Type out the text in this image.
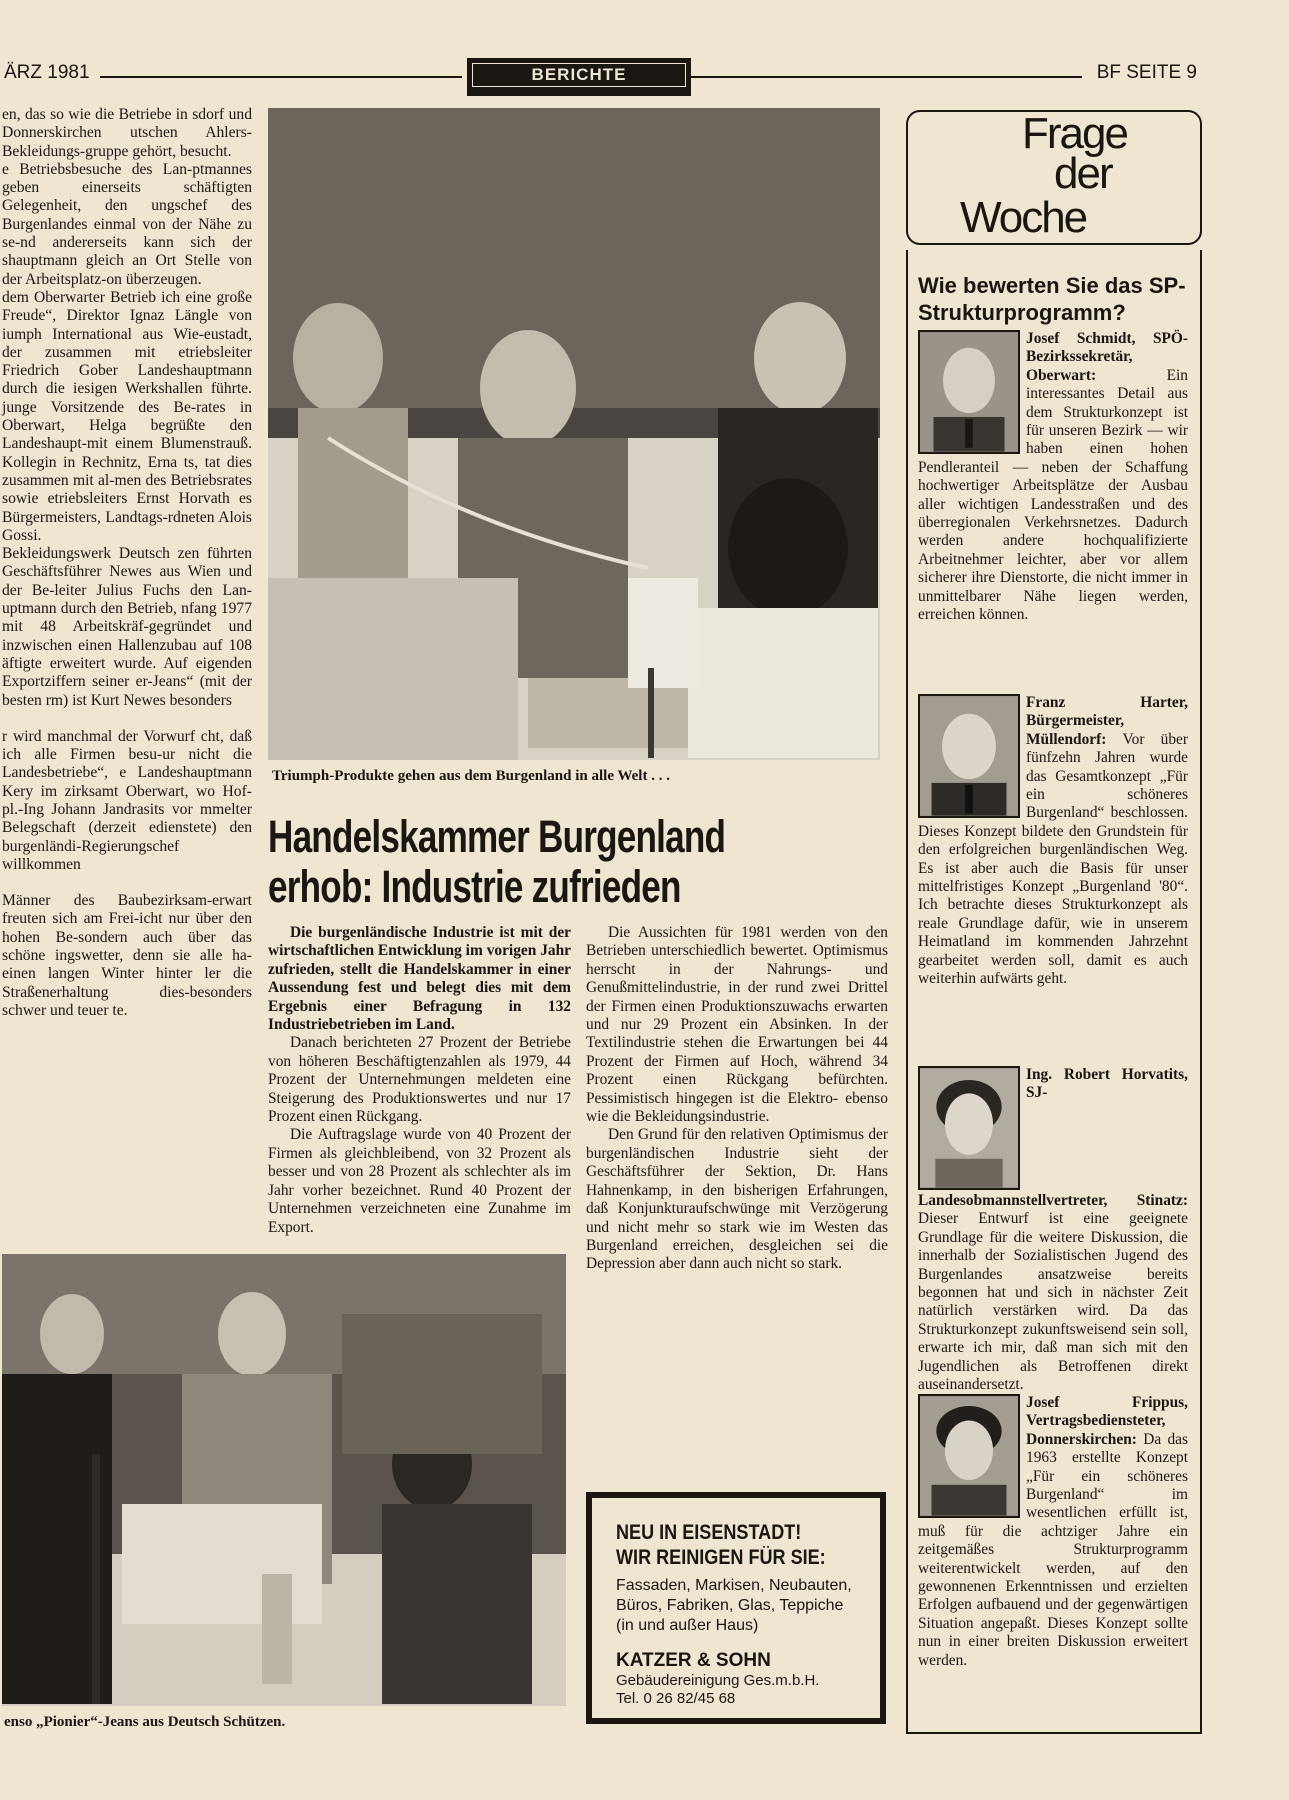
ÄRZ 1981	BERICHTE	BF SEITE 9

en, das so wie die Betriebe in sdorf und Donnerskirchen utschen Ahlers-Bekleidungs-gruppe gehört, besucht.

e Betriebsbesuche des Lan-ptmannes geben einerseits schäftigten Gelegenheit, den ungschef des Burgenlandes einmal von der Nähe zu se-nd andererseits kann sich der shauptmann gleich an Ort Stelle von der Arbeitsplatz-on überzeugen.

dem Oberwarter Betrieb ich eine große Freude“, Direktor Ignaz Längle von iumph International aus Wie-eustadt, der zusammen mit etriebsleiter Friedrich Gober Landeshauptmann durch die iesigen Werkshallen führte. junge Vorsitzende des Be-rates in Oberwart, Helga begrüßte den Landeshaupt-mit einem Blumenstrauß. Kollegin in Rechnitz, Erna ts, tat dies zusammen mit al-men des Betriebsrates sowie etriebsleiters Ernst Horvath es Bürgermeisters, Landtags-rdneten Alois Gossi.

Bekleidungswerk Deutsch zen führten Geschäftsführer Newes aus Wien und der Be-leiter Julius Fuchs den Lan-uptmann durch den Betrieb, nfang 1977 mit 48 Arbeitskräf-gegründet und inzwischen einen Hallenzubau auf 108 äftigte erweitert wurde. Auf eigenden Exportziffern seiner er-Jeans“ (mit der besten rm) ist Kurt Newes besonders

r wird manchmal der Vorwurf cht, daß ich alle Firmen besu-ur nicht die Landesbetriebe“, e Landeshauptmann Kery im zirksamt Oberwart, wo Hof-pl.-Ing Johann Jandrasits vor mmelter Belegschaft (derzeit edienstete) den burgenländi-Regierungschef willkommen

Männer des Baubezirksam-erwart freuten sich am Frei-icht nur über den hohen Be-sondern auch über das schöne ingswetter, denn sie alle ha-einen langen Winter hinter ler die Straßenerhaltung dies-besonders schwer und teuer te.

Triumph-Produkte gehen aus dem Burgenland in alle Welt . . .
Handelskammer Burgenland
erhob: Industrie zufrieden

Die burgenländische Industrie ist mit der wirtschaftlichen Entwicklung im vorigen Jahr zufrieden, stellt die Handelskammer in einer Aussendung fest und belegt dies mit dem Ergebnis einer Befragung in 132 Industriebetrieben im Land.

Danach berichteten 27 Prozent der Betriebe von höheren Beschäftigtenzahlen als 1979, 44 Prozent der Unternehmungen meldeten eine Steigerung des Produktionswertes und nur 17 Prozent einen Rückgang.

Die Auftragslage wurde von 40 Prozent der Firmen als gleichbleibend, von 32 Prozent als besser und von 28 Prozent als schlechter als im Jahr vorher bezeichnet. Rund 40 Prozent der Unternehmen verzeichneten eine Zunahme im Export.

Die Aussichten für 1981 werden von den Betrieben unterschiedlich bewertet. Optimismus herrscht in der Nahrungs- und Genußmittelindustrie, in der rund zwei Drittel der Firmen einen Produktionszuwachs erwarten und nur 29 Prozent ein Absinken. In der Textilindustrie stehen die Erwartungen bei 44 Prozent der Firmen auf Hoch, während 34 Prozent einen Rückgang befürchten. Pessimistisch hingegen ist die Elektro- ebenso wie die Bekleidungsindustrie.

Den Grund für den relativen Optimismus der burgenländischen Industrie sieht der Geschäftsführer der Sektion, Dr. Hans Hahnenkamp, in den bisherigen Erfahrungen, daß Konjunkturaufschwünge mit Verzögerung und nicht mehr so stark wie im Westen das Burgenland erreichen, desgleichen sei die Depression aber dann auch nicht so stark.

enso „Pionier“-Jeans aus Deutsch Schützen.
NEU IN EISENSTADT!
WIR REINIGEN FÜR SIE:
Fassaden, Markisen, Neubauten, Büros, Fabriken, Glas, Teppiche (in und außer Haus)
KATZER & SOHN
Gebäudereinigung Ges.m.b.H.
Tel. 0 26 82/45 68
Frage
der
Woche
Wie bewerten Sie das SP-Strukturprogramm?
Josef Schmidt, SPÖ-Bezirkssekretär, Oberwart: Ein interessantes Detail aus dem Strukturkonzept ist für unseren Bezirk — wir haben einen hohen Pendleranteil — neben der Schaffung hochwertiger Arbeitsplätze der Ausbau aller wichtigen Landesstraßen und des überregionalen Verkehrsnetzes. Dadurch werden andere hochqualifizierte Arbeitnehmer leichter, aber vor allem sicherer ihre Dienstorte, die nicht immer in unmittelbarer Nähe liegen werden, erreichen können.
Franz Harter, Bürgermeister, Müllendorf: Vor über fünfzehn Jahren wurde das Gesamtkonzept „Für ein schöneres Burgenland“ beschlossen. Dieses Konzept bildete den Grundstein für den erfolgreichen burgenländischen Weg. Es ist aber auch die Basis für unser mittelfristiges Konzept „Burgenland '80“. Ich betrachte dieses Strukturkonzept als reale Grundlage dafür, wie in unserem Heimatland im kommenden Jahrzehnt gearbeitet werden soll, damit es auch weiterhin aufwärts geht.
Ing. Robert Horvatits, SJ-Landesobmannstellvertreter, Stinatz: Dieser Entwurf ist eine geeignete Grundlage für die weitere Diskussion, die innerhalb der Sozialistischen Jugend des Burgenlandes ansatzweise bereits begonnen hat und sich in nächster Zeit natürlich verstärken wird. Da das Strukturkonzept zukunftsweisend sein soll, erwarte ich mir, daß man sich mit den Jugendlichen als Betroffenen direkt auseinandersetzt.
Josef Frippus, Vertragsbediensteter, Donnerskirchen: Da das 1963 erstellte Konzept „Für ein schöneres Burgenland“ im wesentlichen erfüllt ist, muß für die achtziger Jahre ein zeitgemäßes Strukturprogramm weiterentwickelt werden, auf den gewonnenen Erkenntnissen und erzielten Erfolgen aufbauend und der gegenwärtigen Situation angepaßt. Dieses Konzept sollte nun in einer breiten Diskussion erweitert werden.
